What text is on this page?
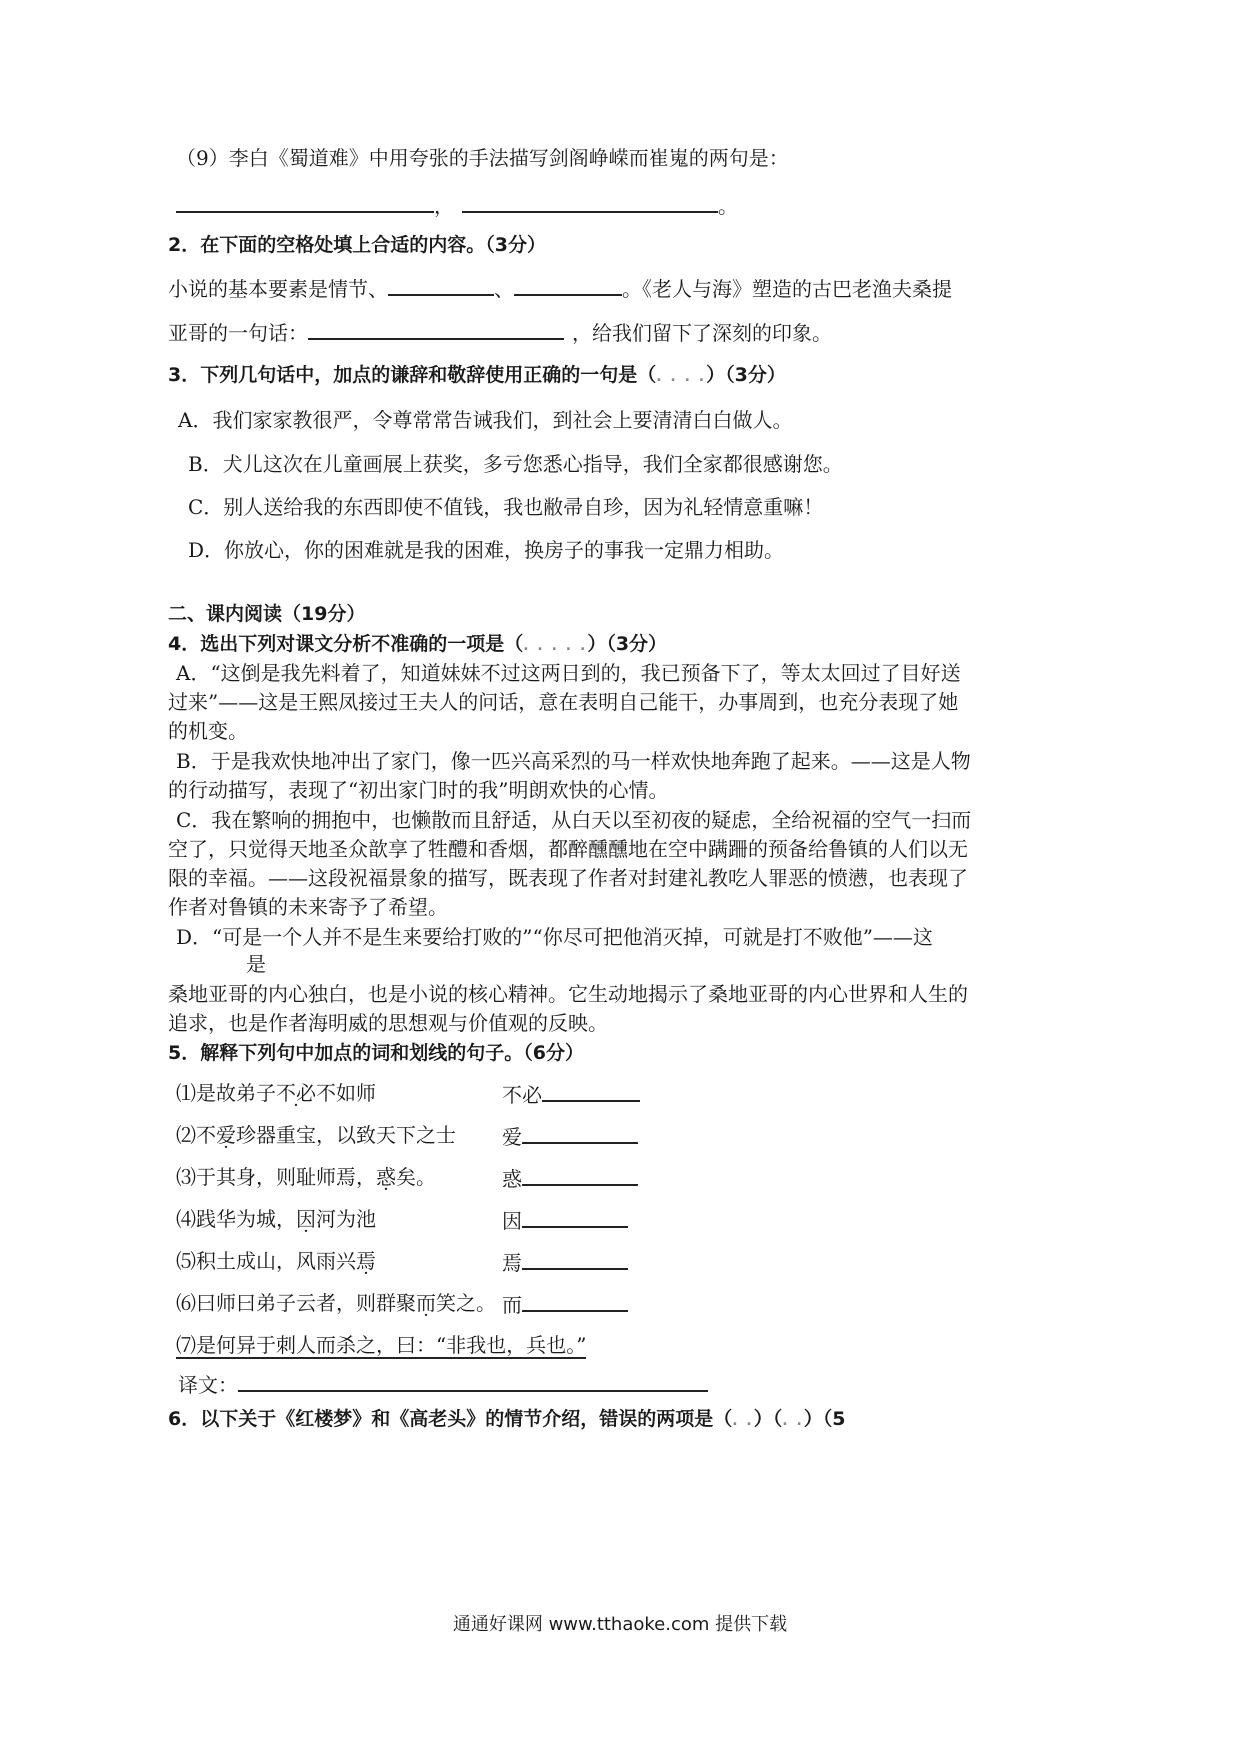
（9）李白《蜀道难》中用夸张的手法描写剑阁峥嵘而崔嵬的两句是：
，	。
2．在下面的空格处填上合适的内容。（3分）
小说的基本要素是情节、	、	。《老人与海》塑造的古巴老渔夫桑提
亚哥的一句话：	，给我们留下了深刻的印象。
3．下列几句话中，加点的谦辞和敬辞使用正确的一句是（. . . .）（3分）
A．我们家家教很严，令尊常常告诫我们，到社会上要清清白白做人。
B．犬儿这次在儿童画展上获奖，多亏您悉心指导，我们全家都很感谢您。
C．别人送给我的东西即使不值钱，我也敝帚自珍，因为礼轻情意重嘛！
D．你放心，你的困难就是我的困难，换房子的事我一定鼎力相助。
二、课内阅读（19分）
4．选出下列对课文分析不准确的一项是（. . . . .）（3分）
A．“这倒是我先料着了，知道妹妹不过这两日到的，我已预备下了，等太太回过了目好送
过来”——这是王熙凤接过王夫人的问话，意在表明自己能干，办事周到，也充分表现了她
的机变。
B．于是我欢快地冲出了家门，像一匹兴高采烈的马一样欢快地奔跑了起来。——这是人物
的行动描写，表现了“初出家门时的我”明朗欢快的心情。
C．我在繁响的拥抱中，也懒散而且舒适，从白天以至初夜的疑虑，全给祝福的空气一扫而
空了，只觉得天地圣众歆享了牲醴和香烟，都醉醺醺地在空中蹒跚的预备给鲁镇的人们以无
限的幸福。——这段祝福景象的描写，既表现了作者对封建礼教吃人罪恶的愤懑，也表现了
作者对鲁镇的未来寄予了希望。
D．“可是一个人并不是生来要给打败的”“你尽可把他消灭掉，可就是打不败他”——这
是
桑地亚哥的内心独白，也是小说的核心精神。它生动地揭示了桑地亚哥的内心世界和人生的
追求，也是作者海明威的思想观与价值观的反映。
5．解释下列句中加点的词和划线的句子。（6分）
⑴是故弟子不必不如师	不必
⑵不爱珍器重宝，以致天下之士 爱
⑶于其身，则耻师焉，惑矣。	惑
⑷践华为城，因河为池	因
⑸积土成山，风雨兴焉	焉
⑹曰师曰弟子云者，则群聚而笑之。 而
⑺是何异于刺人而杀之，曰：“非我也，兵也。”
译文：
6．以下关于《红楼梦》和《高老头》的情节介绍，错误的两项是（. .）（. .）（5
通通好课网 www.tthaoke.com 提供下载
